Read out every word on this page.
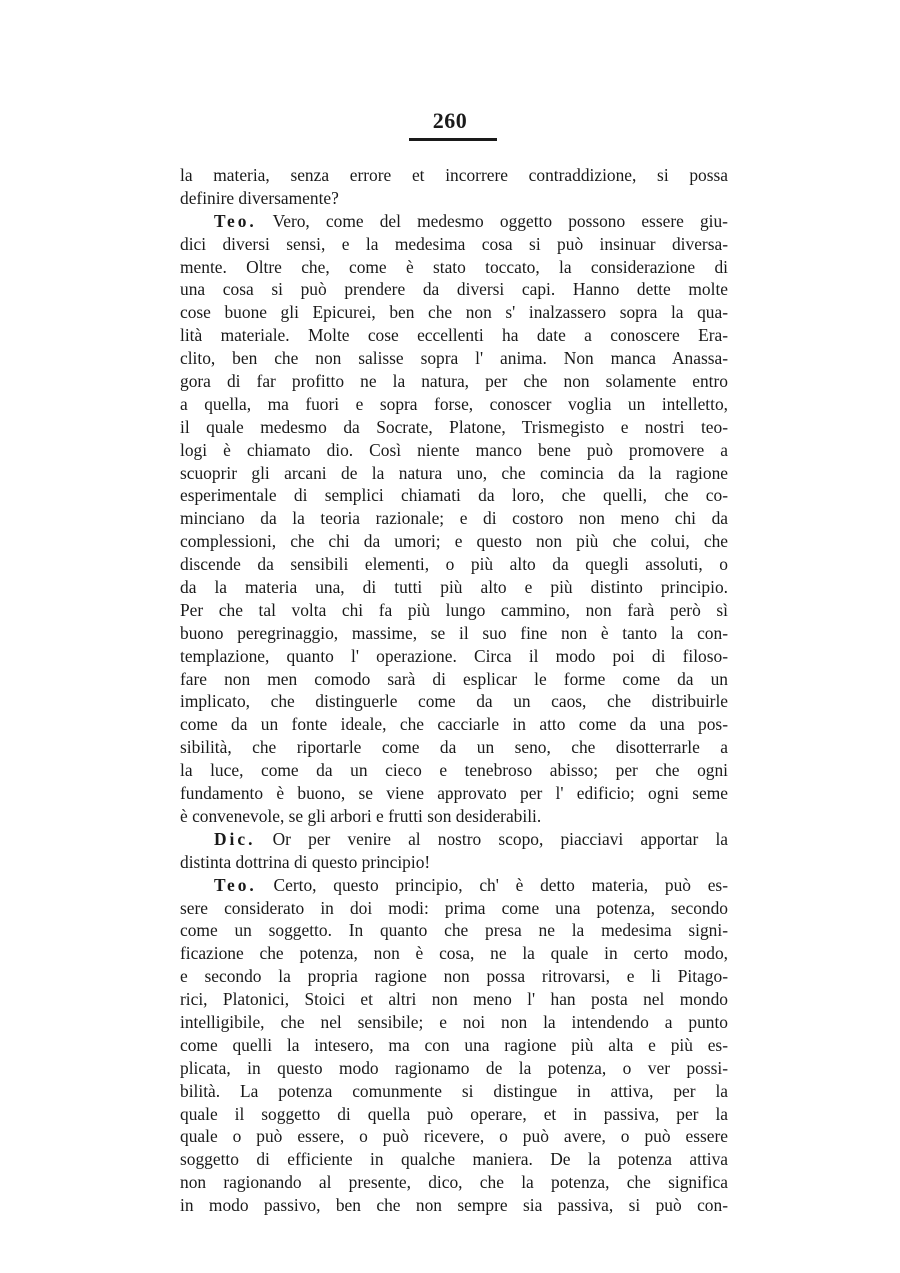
260
la materia, senza errore et incorrere contraddizione, si possa
definire diversamente?
Teo. Vero, come del medesmo oggetto possono essere giu-
dici diversi sensi, e la medesima cosa si può insinuar diversa-
mente. Oltre che, come è stato toccato, la considerazione di
una cosa si può prendere da diversi capi. Hanno dette molte
cose buone gli Epicurei, ben che non s' inalzassero sopra la qua-
lità materiale. Molte cose eccellenti ha date a conoscere Era-
clito, ben che non salisse sopra l' anima. Non manca Anassa-
gora di far profitto ne la natura, per che non solamente entro
a quella, ma fuori e sopra forse, conoscer voglia un intelletto,
il quale medesmo da Socrate, Platone, Trismegisto e nostri teo-
logi è chiamato dio. Così niente manco bene può promovere a
scuoprir gli arcani de la natura uno, che comincia da la ragione
esperimentale di semplici chiamati da loro, che quelli, che co-
minciano da la teoria razionale; e di costoro non meno chi da
complessioni, che chi da umori; e questo non più che colui, che
discende da sensibili elementi, o più alto da quegli assoluti, o
da la materia una, di tutti più alto e più distinto principio.
Per che tal volta chi fa più lungo cammino, non farà però sì
buono peregrinaggio, massime, se il suo fine non è tanto la con-
templazione, quanto l' operazione. Circa il modo poi di filoso-
fare non men comodo sarà di esplicar le forme come da un
implicato, che distinguerle come da un caos, che distribuirle
come da un fonte ideale, che cacciarle in atto come da una pos-
sibilità, che riportarle come da un seno, che disotterrarle a
la luce, come da un cieco e tenebroso abisso; per che ogni
fundamento è buono, se viene approvato per l' edificio; ogni seme
è convenevole, se gli arbori e frutti son desiderabili.
Dic. Or per venire al nostro scopo, piacciavi apportar la
distinta dottrina di questo principio!
Teo. Certo, questo principio, ch' è detto materia, può es-
sere considerato in doi modi: prima come una potenza, secondo
come un soggetto. In quanto che presa ne la medesima signi-
ficazione che potenza, non è cosa, ne la quale in certo modo,
e secondo la propria ragione non possa ritrovarsi, e li Pitago-
rici, Platonici, Stoici et altri non meno l' han posta nel mondo
intelligibile, che nel sensibile; e noi non la intendendo a punto
come quelli la intesero, ma con una ragione più alta e più es-
plicata, in questo modo ragionamo de la potenza, o ver possi-
bilità. La potenza comunmente si distingue in attiva, per la
quale il soggetto di quella può operare, et in passiva, per la
quale o può essere, o può ricevere, o può avere, o può essere
soggetto di efficiente in qualche maniera. De la potenza attiva
non ragionando al presente, dico, che la potenza, che significa
in modo passivo, ben che non sempre sia passiva, si può con-
